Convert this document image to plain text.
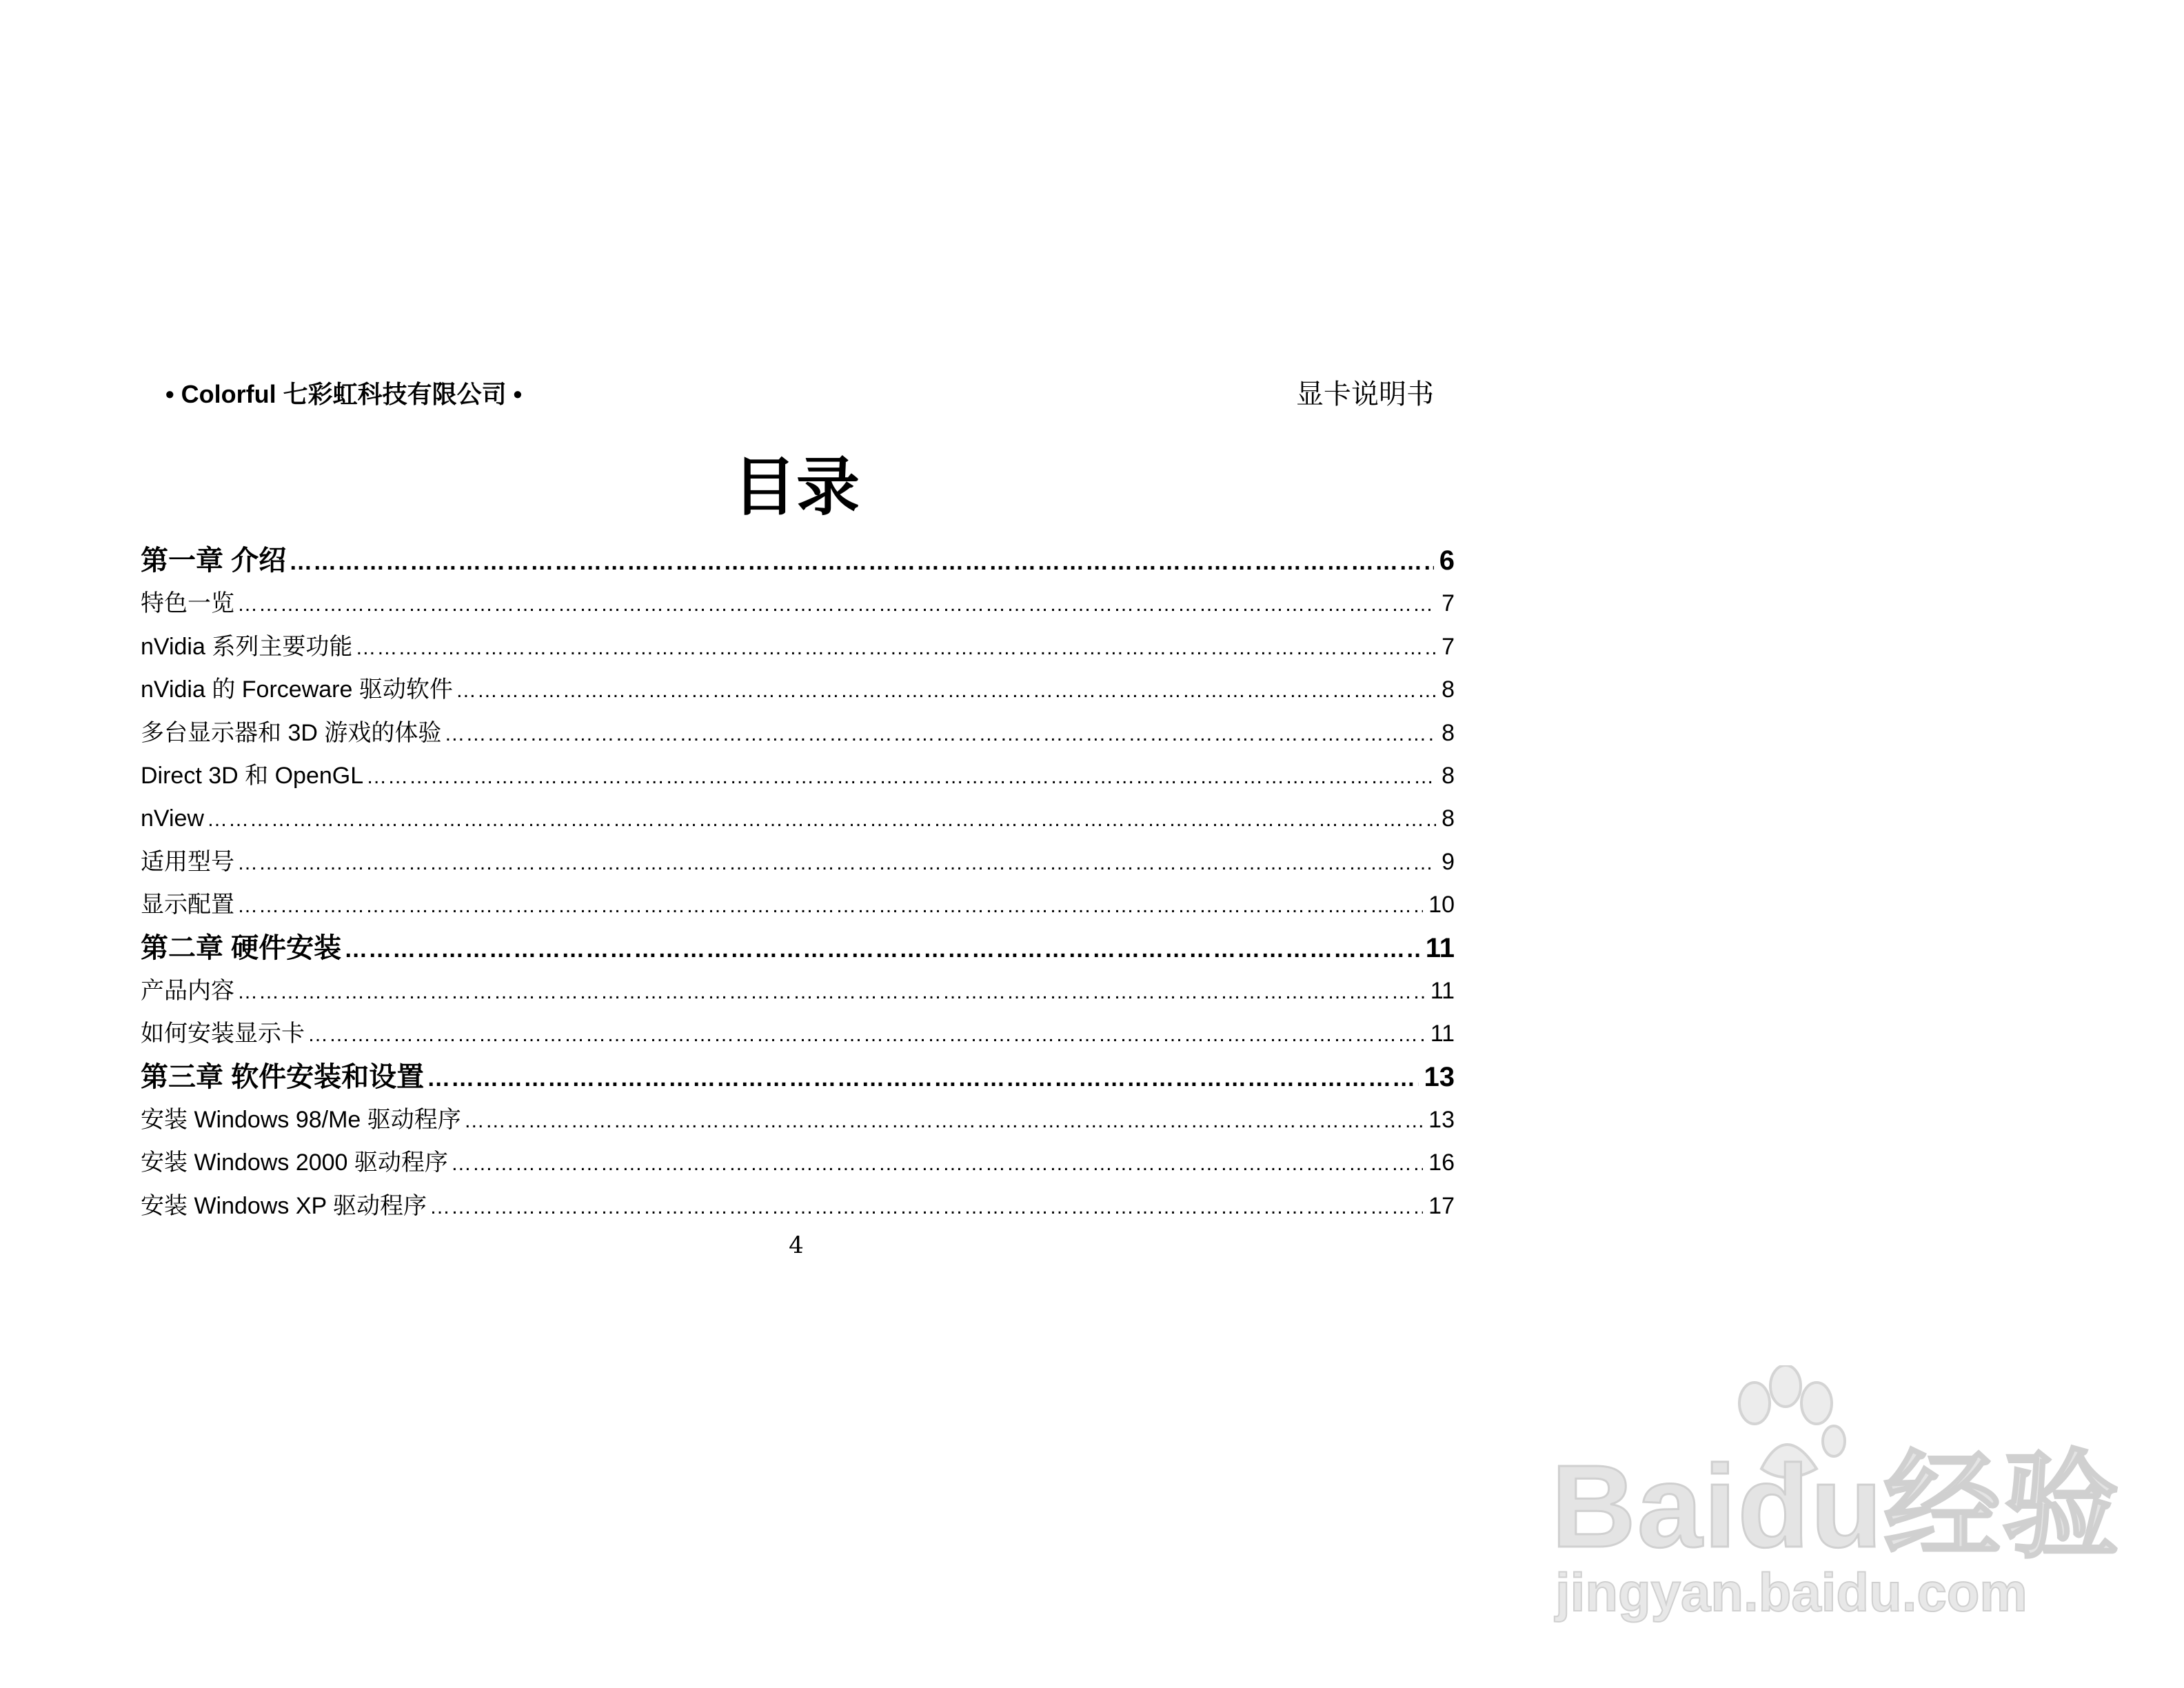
• Colorful 七彩虹科技有限公司 •	显卡说明书
目录
第一章 介绍 ……………………………………………………………………………………………………………………………………………………………………………………………………………………………………………………………………………………	6
特色一览 ……………………………………………………………………………………………………………………………………………………………………………………………………………………………………………………………………………………	7
nVidia 系列主要功能 ……………………………………………………………………………………………………………………………………………………………………………………………………………………………………………………………………………………	7
nVidia 的 Forceware 驱动软件 ……………………………………………………………………………………………………………………………………………………………………………………………………………………………………………………………………………………	8
多台显示器和 3D 游戏的体验 ……………………………………………………………………………………………………………………………………………………………………………………………………………………………………………………………………………………	8
Direct 3D 和 OpenGL ……………………………………………………………………………………………………………………………………………………………………………………………………………………………………………………………………………………	8
nView ……………………………………………………………………………………………………………………………………………………………………………………………………………………………………………………………………………………	8
适用型号 ……………………………………………………………………………………………………………………………………………………………………………………………………………………………………………………………………………………	9
显示配置 ……………………………………………………………………………………………………………………………………………………………………………………………………………………………………………………………………………………	10
第二章 硬件安装 ……………………………………………………………………………………………………………………………………………………………………………………………………………………………………………………………………………………	11
产品内容 ……………………………………………………………………………………………………………………………………………………………………………………………………………………………………………………………………………………	11
如何安装显示卡 ……………………………………………………………………………………………………………………………………………………………………………………………………………………………………………………………………………………	11
第三章 软件安装和设置 ……………………………………………………………………………………………………………………………………………………………………………………………………………………………………………………………………………………	13
安装 Windows 98/Me 驱动程序 ……………………………………………………………………………………………………………………………………………………………………………………………………………………………………………………………………………………	13
安装 Windows 2000 驱动程序 ……………………………………………………………………………………………………………………………………………………………………………………………………………………………………………………………………………………	16
安装 Windows XP 驱动程序 ……………………………………………………………………………………………………………………………………………………………………………………………………………………………………………………………………………………	17
4
Baidu经验
jingyan.baidu.com
